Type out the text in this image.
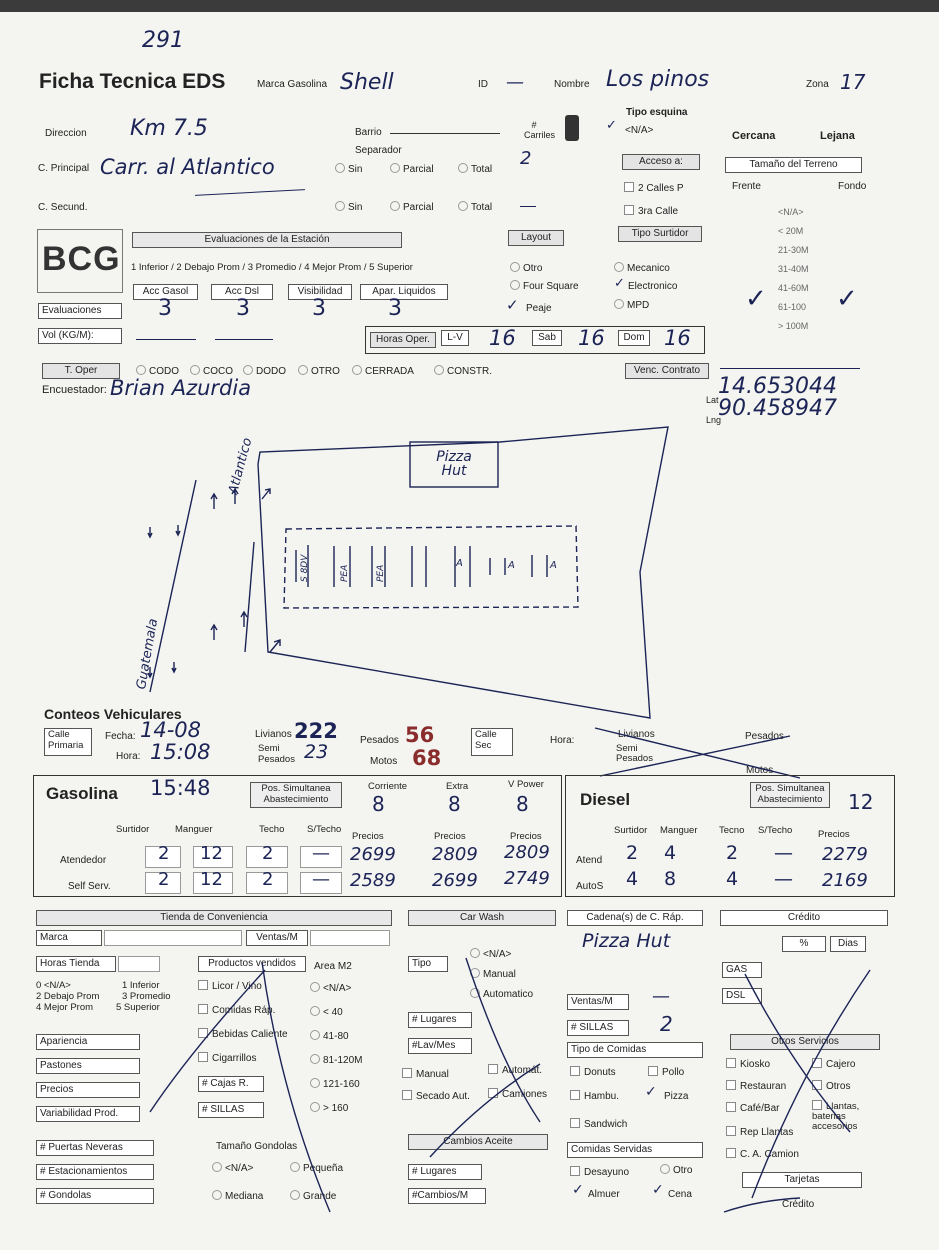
291
Ficha Tecnica EDS	Marca Gasolina Shell	ID —	Nombre Los pinos	Zona 17
Direccion Km 7.5	Barrio
# Carriles
2
Separador
C. Principal Carr. al Atlantico	Sin	Parcial	Total
C. Secund.	Sin	Parcial	Total
Tipo esquina
✓ <N/A>
Acceso a:
2 Calles P
3ra Calle
Tipo Surtidor
Mecanico
✓ Electronico
MPD
Cercana	Lejana
Tamaño del Terreno
Frente	Fondo
<N/A>
< 20M
21-30M
31-40M
41-60M
61-100
> 100M
✓	✓
BCG
Evaluaciones de la Estación
1 Inferior / 2 Debajo Prom / 3 Promedio / 4 Mejor Prom / 5 Superior
Layout
Otro
Four Square
✓ Peaje
Acc Gasol	Acc Dsl	Visibilidad	Apar. Liquidos
Evaluaciones	3	3	3	3
Vol (KG/M):	Horas Oper.	L-V 16	Sab 16	Dom 16
T. Oper	CODO	COCO	DODO	OTRO	CERRADA	CONSTR.	Venc. Contrato
Encuestador: Brian Azurdia	Lat
14.653044
Lng
90.458947
Pizza Hut
Atlantico
Guatemala
S 8DV	PEA	PEA
A	A	A
Conteos Vehiculares
Calle Primaria
Fecha: 14-08
Hora: 15:08
Livianos 222
Semi Pesados 23
Pesados 56
Motos 68
Calle Sec	Hora:
Livianos	Pesados
Semi Pesados
Motos
Gasolina 15:48	Pos. Simultanea Abastecimiento
Corriente
8
Extra
8
V Power
8
Surtidor	Manguer	Techo S/Techo
Precios	Precios	Precios
Atendedor	2 12 2 — 2699 2809 2809
Self Serv.	2 12 2 — 2589 2699 2749
Diesel
Pos. Simultanea Abastecimiento	12
Surtidor Manguer Tecno S/Techo	Precios
Atend 2 4	2 — 2279
AutoS 4 8	4 — 2169
Tienda de Conveniencia
Marca	Ventas/M
Horas Tienda	Productos vendidos	Area M2
0 <N/A>	1 Inferior
2 Debajo Prom 3 Promedio
4 Mejor Prom 5 Superior
Licor / Vino
Comidas Ráp.
Bebidas Caliente
Cigarrillos
<N/A>
< 40
41-80
81-120M
121-160
> 160
Apariencia
Pastones
Precios
Variabilidad Prod.
# Cajas R.
# SILLAS
# Puertas Neveras
# Estacionamientos
# Gondolas
Tamaño Gondolas
<N/A>	Pequeña
Mediana	Grande
Car Wash
Tipo
<N/A>
Manual
Automatico
# Lugares
#Lav/Mes
Manual	Automát.
Secado Aut.	Camiones
Cambios Aceite
# Lugares
#Cambios/M
Cadena(s) de C. Ráp.
Pizza Hut
Ventas/M	—
# SILLAS	2
Tipo de Comidas
Donuts	Pollo
Hambu. ✓ Pizza
Sandwich
Comidas Servidas
Desayuno	Otro
✓ Almuer ✓ Cena
Crédito
%	Dias
GAS
DSL
Otros Servicios
Kiosko	Cajero
Restauran	Otros
Café/Bar	Llantas, baterias accesorios
Rep Llantas
C. A. Camion
Tarjetas
Crédito
